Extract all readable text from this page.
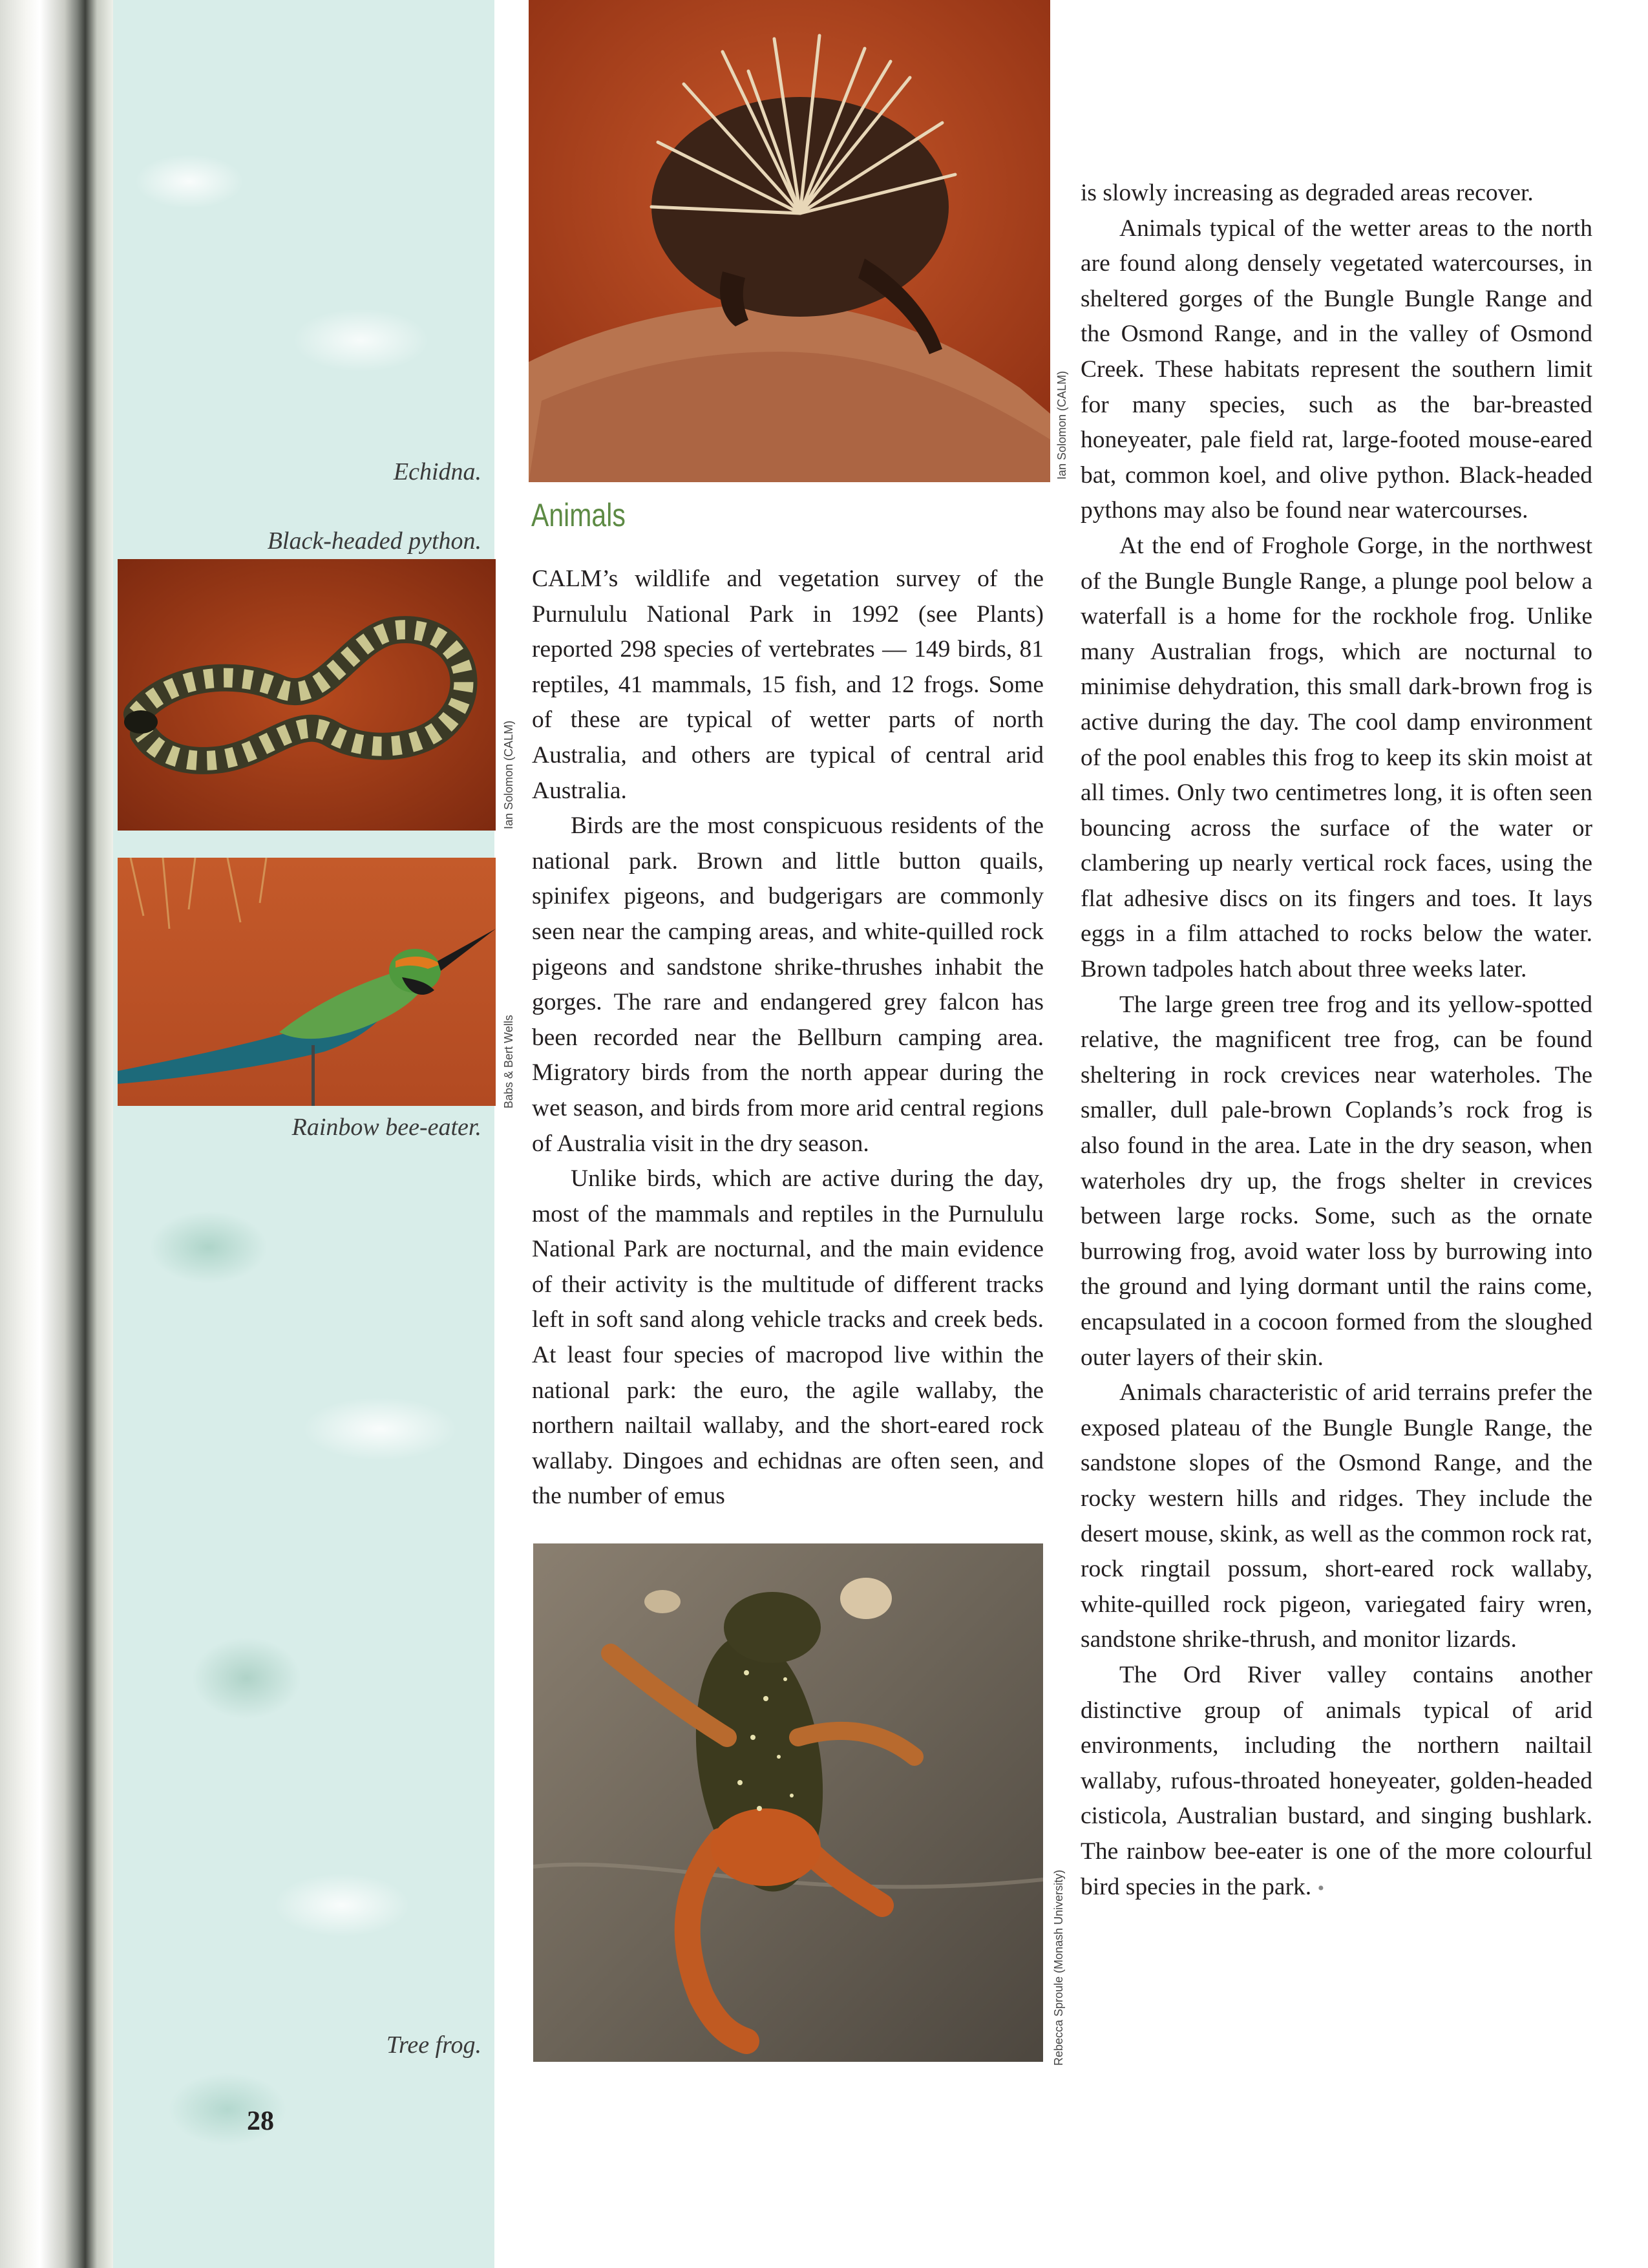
Ian Solomon (CALM)
Echidna.
Black-headed python.
Ian Solomon (CALM)
Babs & Bert Wells
Rainbow bee-eater.
Rebecca Sproule (Monash University)
Tree frog.
28
Animals

CALM’s wildlife and vegetation survey of the Purnululu National Park in 1992 (see Plants) reported 298 species of vertebrates — 149 birds, 81 reptiles, 41 mammals, 15 fish, and 12 frogs. Some of these are typical of wetter parts of north Australia, and others are typical of central arid Australia.

Birds are the most conspicuous residents of the national park. Brown and little button quails, spinifex pigeons, and budgerigars are commonly seen near the camping areas, and white-quilled rock pigeons and sandstone shrike-thrushes inhabit the gorges. The rare and endangered grey falcon has been recorded near the Bellburn camping area. Migratory birds from the north appear during the wet season, and birds from more arid central regions of Australia visit in the dry season.

Unlike birds, which are active during the day, most of the mammals and reptiles in the Purnululu National Park are nocturnal, and the main evidence of their activity is the multitude of different tracks left in soft sand along vehicle tracks and creek beds. At least four species of macropod live within the national park: the euro, the agile wallaby, the northern nailtail wallaby, and the short-eared rock wallaby. Dingoes and echidnas are often seen, and the number of emus

is slowly increasing as degraded areas recover.

Animals typical of the wetter areas to the north are found along densely vegetated watercourses, in sheltered gorges of the Bungle Bungle Range and the Osmond Range, and in the valley of Osmond Creek. These habitats represent the southern limit for many species, such as the bar-breasted honeyeater, pale field rat, large-footed mouse-eared bat, common koel, and olive python. Black-headed pythons may also be found near watercourses.

At the end of Froghole Gorge, in the northwest of the Bungle Bungle Range, a plunge pool below a waterfall is a home for the rockhole frog. Unlike many Australian frogs, which are nocturnal to minimise dehydration, this small dark-brown frog is active during the day. The cool damp environment of the pool enables this frog to keep its skin moist at all times. Only two centimetres long, it is often seen bouncing across the surface of the water or clambering up nearly vertical rock faces, using the flat adhesive discs on its fingers and toes. It lays eggs in a film attached to rocks below the water. Brown tadpoles hatch about three weeks later.

The large green tree frog and its yellow-spotted relative, the magnificent tree frog, can be found sheltering in rock crevices near waterholes. The smaller, dull pale-brown Coplands’s rock frog is also found in the area. Late in the dry season, when waterholes dry up, the frogs shelter in crevices between large rocks. Some, such as the ornate burrowing frog, avoid water loss by burrowing into the ground and lying dormant until the rains come, encapsulated in a cocoon formed from the sloughed outer layers of their skin.

Animals characteristic of arid terrains prefer the exposed plateau of the Bungle Bungle Range, the sandstone slopes of the Osmond Range, and the rocky western hills and ridges. They include the desert mouse, skink, as well as the common rock rat, rock ringtail possum, short-eared rock wallaby, white-quilled rock pigeon, variegated fairy wren, sandstone shrike-thrush, and monitor lizards.

The Ord River valley contains another distinctive group of animals typical of arid environments, including the northern nailtail wallaby, rufous-throated honeyeater, golden-headed cisticola, Australian bustard, and singing bushlark. The rainbow bee-eater is one of the more colourful bird species in the park. •
